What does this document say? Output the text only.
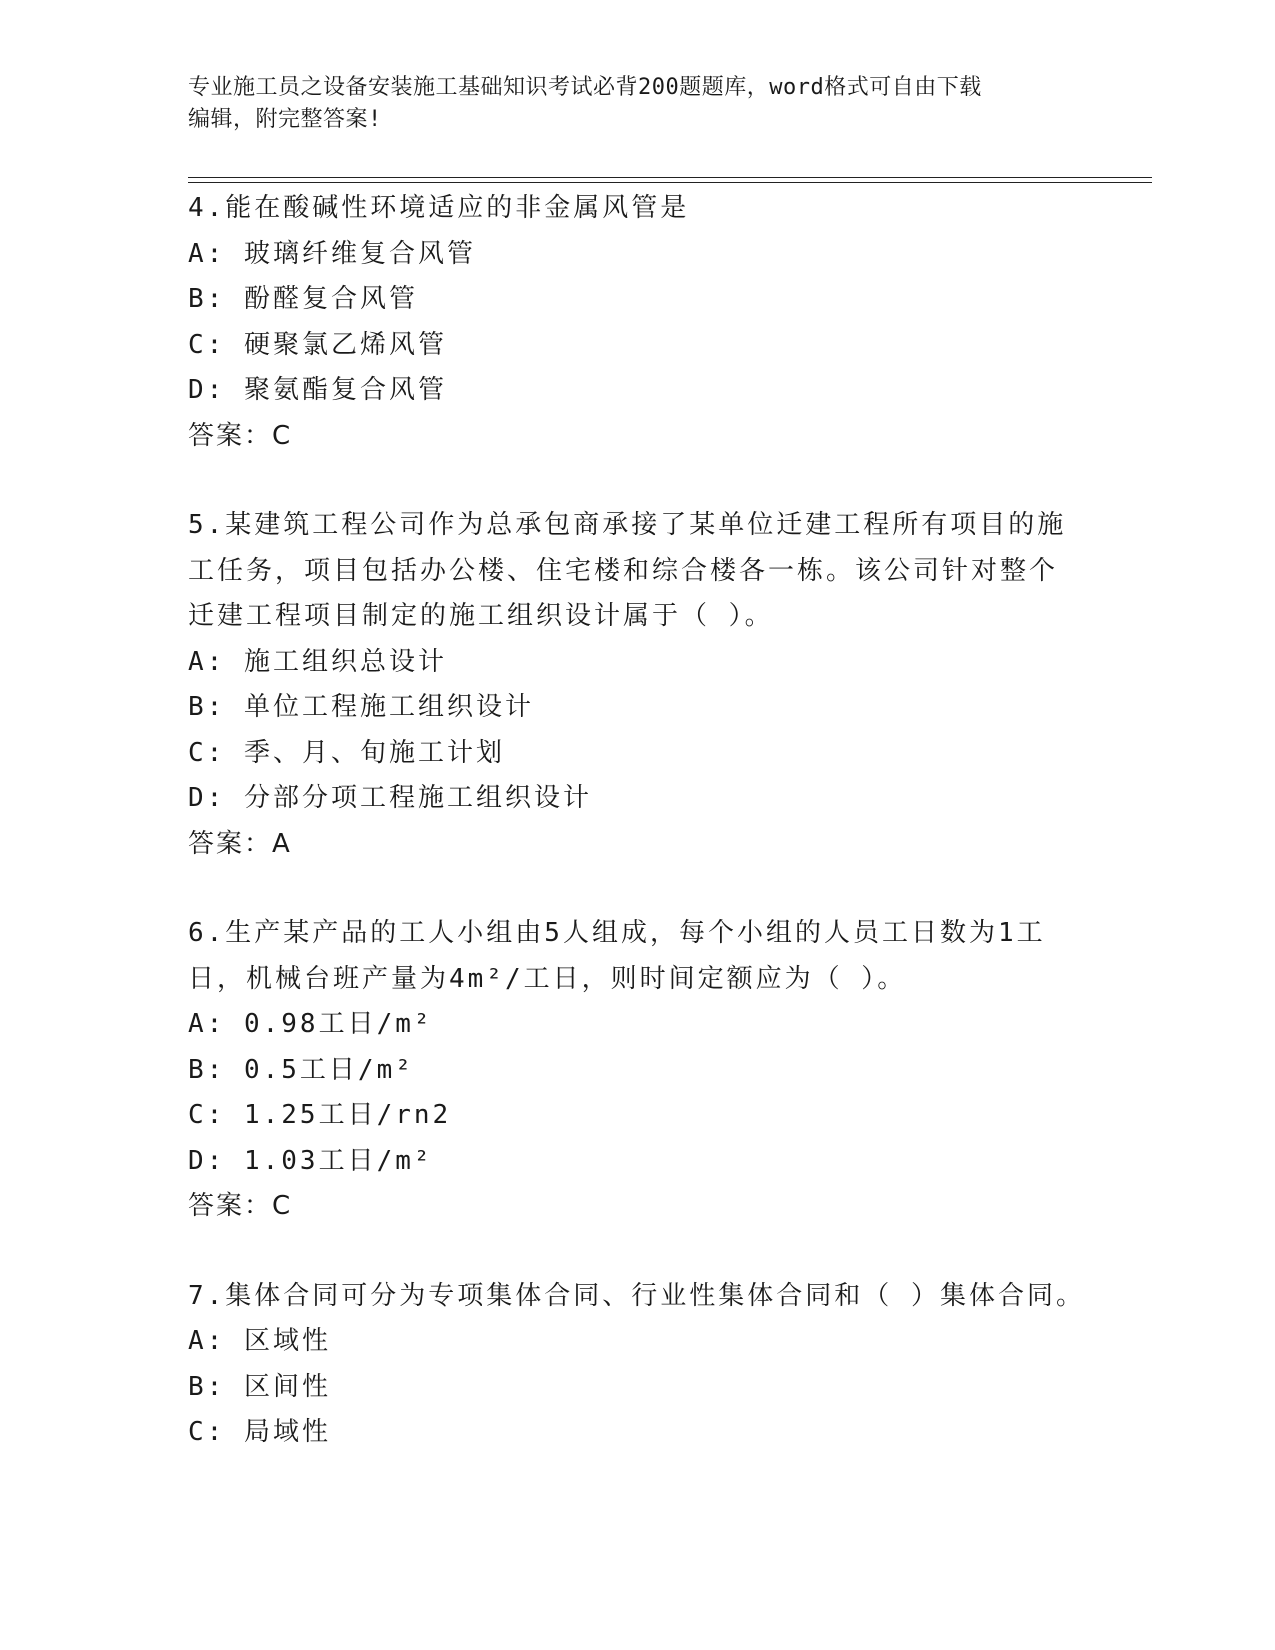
专业施工员之设备安装施工基础知识考试必背200题题库，word格式可自由下载
编辑，附完整答案!
4.能在酸碱性环境适应的非金属风管是
A: 玻璃纤维复合风管
B: 酚醛复合风管
C: 硬聚氯乙烯风管
D: 聚氨酯复合风管
答案：C
5.某建筑工程公司作为总承包商承接了某单位迁建工程所有项目的施
工任务，项目包括办公楼、住宅楼和综合楼各一栋。该公司针对整个
迁建工程项目制定的施工组织设计属于（ ）。
A: 施工组织总设计
B: 单位工程施工组织设计
C: 季、月、旬施工计划
D: 分部分项工程施工组织设计
答案：A
6.生产某产品的工人小组由5人组成，每个小组的人员工日数为1工
日，机械台班产量为4m²/工日，则时间定额应为（ ）。
A: 0.98工日/m²
B: 0.5工日/m²
C: 1.25工日/rn2
D: 1.03工日/m²
答案：C
7.集体合同可分为专项集体合同、行业性集体合同和（ ）集体合同。
A: 区域性
B: 区间性
C: 局域性
